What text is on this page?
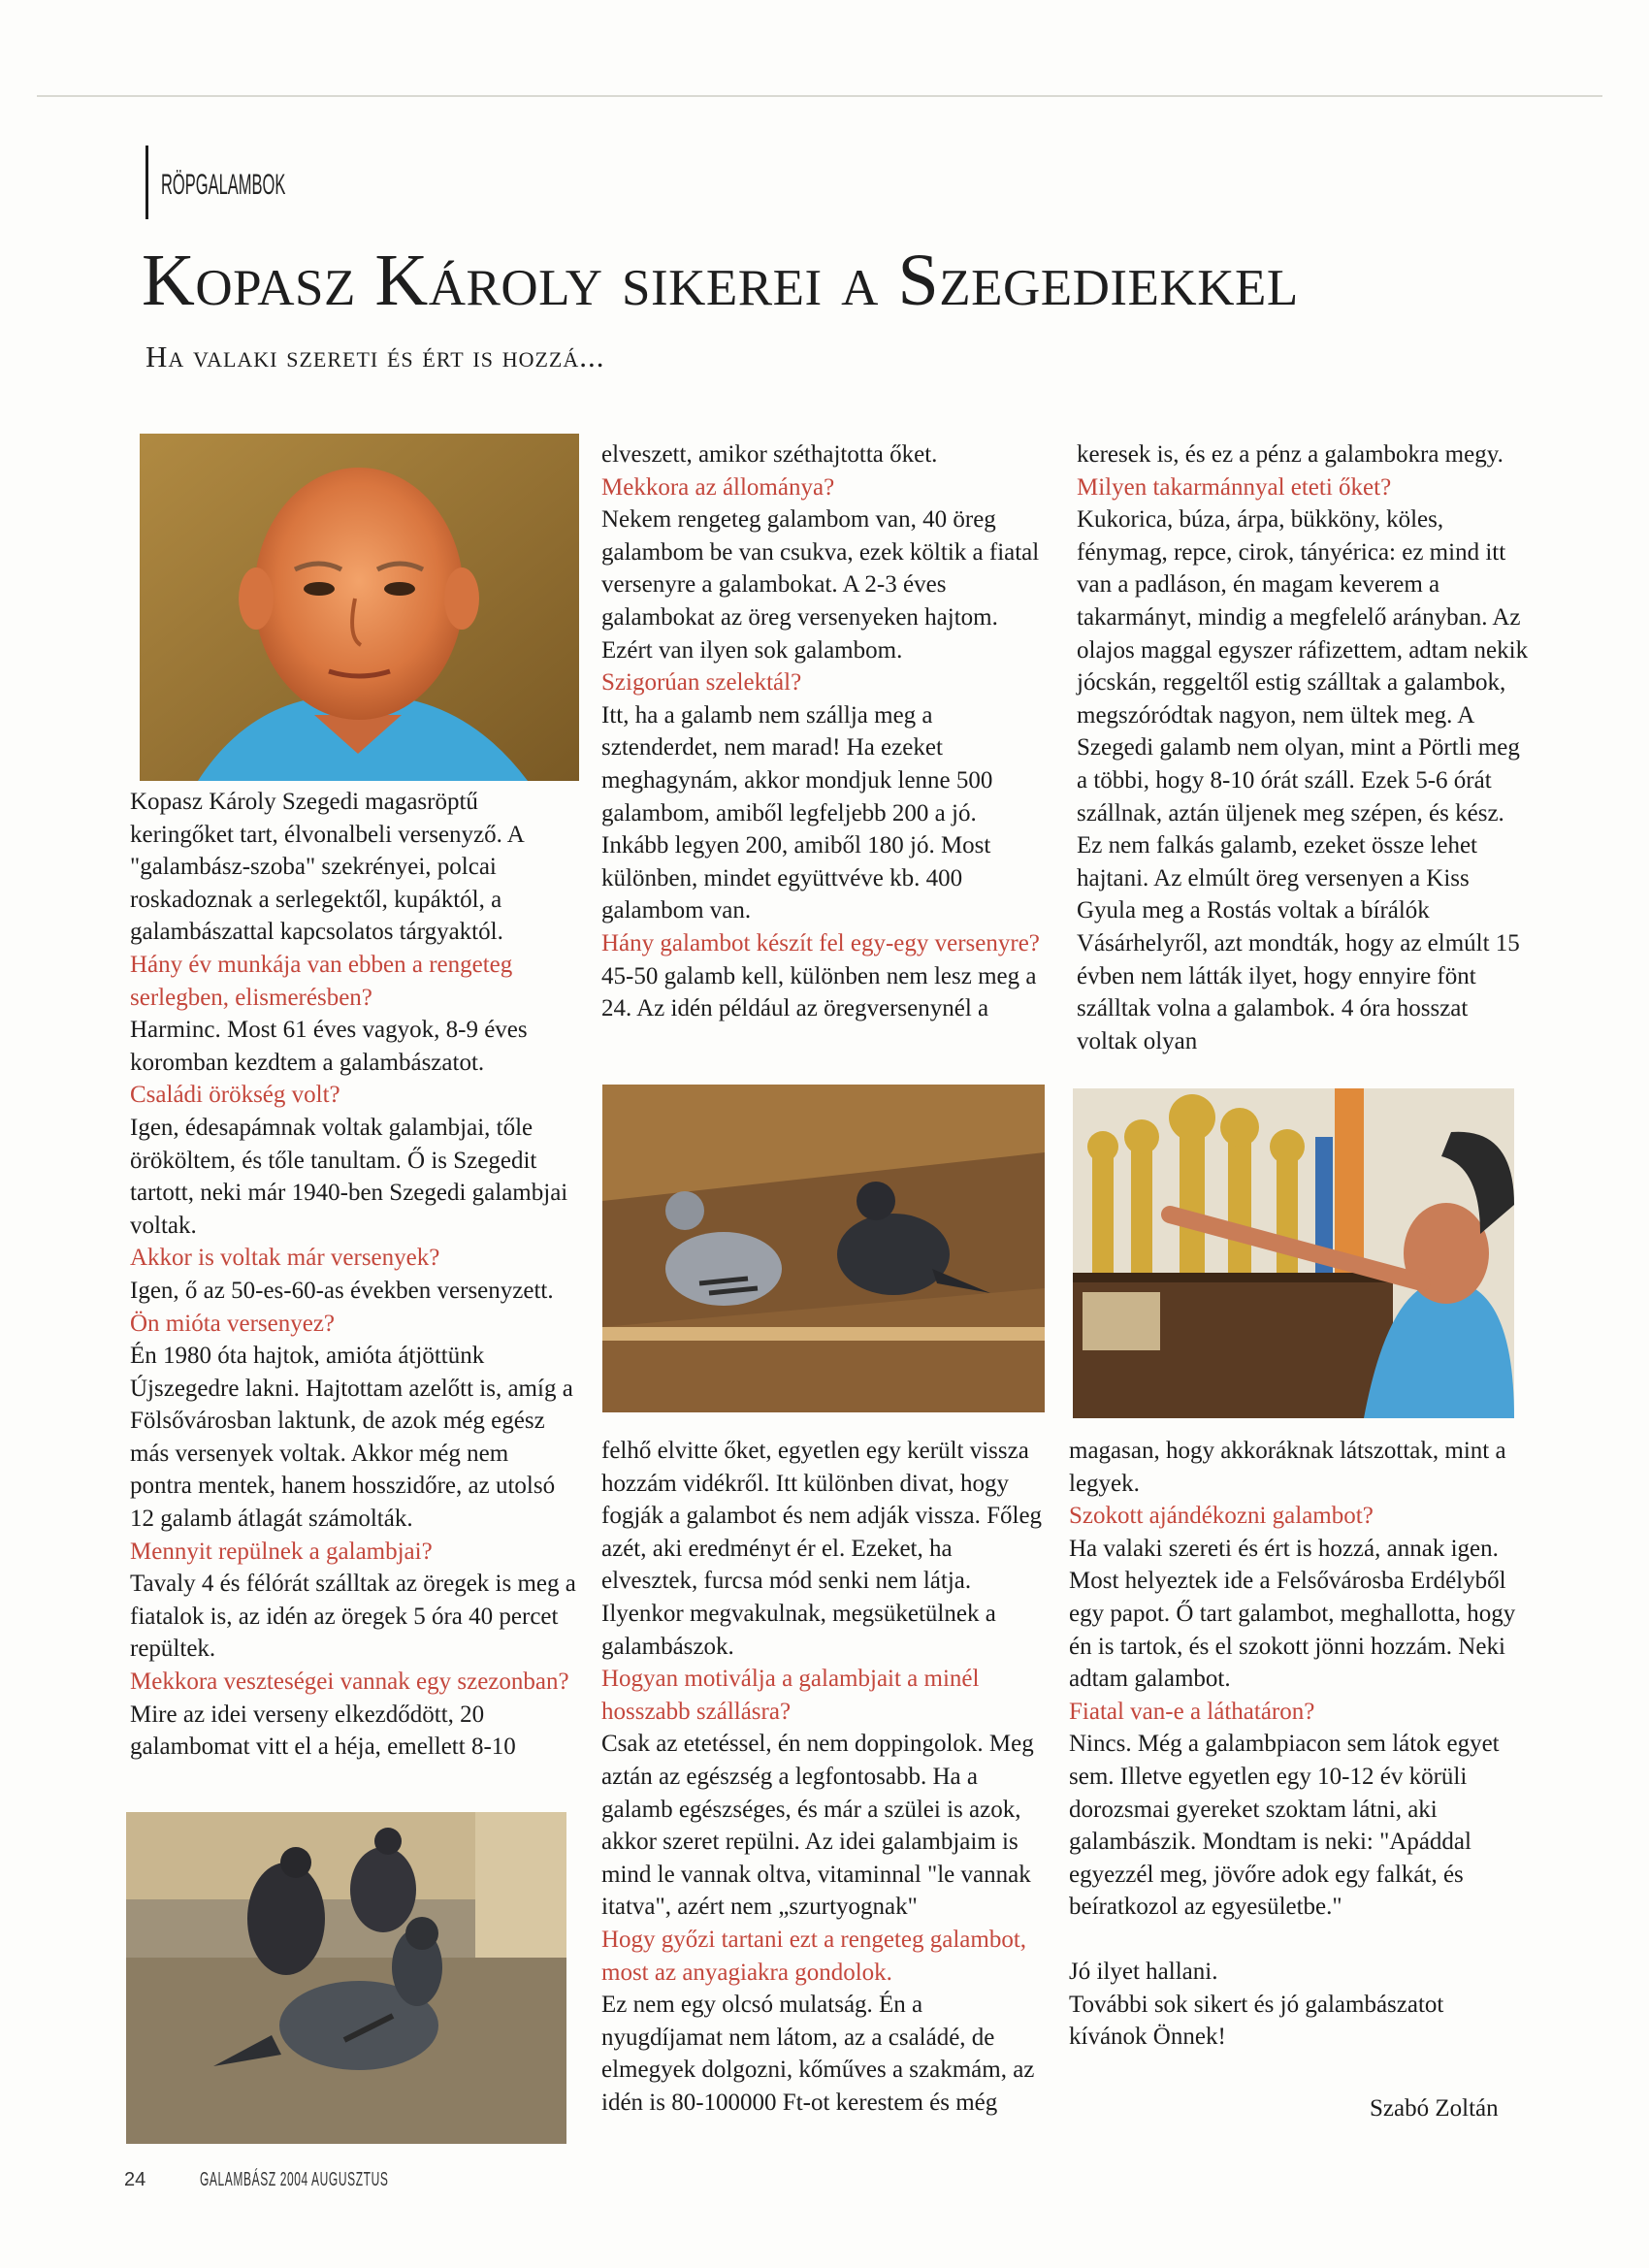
RÖPGALAMBOK
Kopasz Károly sikerei a Szegediekkel
Ha valaki szereti és ért is hozzá...

Kopasz Károly Szegedi magasröptű keringőket tart, élvonalbeli versenyző. A "galambász-szoba" szekrényei, polcai roskadoznak a serlegektől, kupáktól, a galambászattal kapcsolatos tárgyaktól.

Hány év munkája van ebben a rengeteg serlegben, elismerésben?

Harminc. Most 61 éves vagyok, 8-9 éves koromban kezdtem a galambászatot.

Családi örökség volt?

Igen, édesapámnak voltak galambjai, tőle örököltem, és tőle tanultam. Ő is Szegedit tartott, neki már 1940-ben Szegedi galambjai voltak.

Akkor is voltak már versenyek?

Igen, ő az 50-es-60-as években versenyzett.

Ön mióta versenyez?

Én 1980 óta hajtok, amióta átjöttünk Újszegedre lakni. Hajtottam azelőtt is, amíg a Fölsővárosban laktunk, de azok még egész más versenyek voltak. Akkor még nem pontra mentek, hanem hosszidőre, az utolsó 12 galamb átlagát számolták.

Mennyit repülnek a galambjai?

Tavaly 4 és félórát szálltak az öregek is meg a fiatalok is, az idén az öregek 5 óra 40 percet repültek.

Mekkora veszteségei vannak egy szezonban?

Mire az idei verseny elkezdődött, 20 galambomat vitt el a héja, emellett 8-10

elveszett, amikor széthajtotta őket.

Mekkora az állománya?

Nekem rengeteg galambom van, 40 öreg galambom be van csukva, ezek költik a fiatal versenyre a galambokat. A 2-3 éves galambokat az öreg versenyeken hajtom. Ezért van ilyen sok galambom.

Szigorúan szelektál?

Itt, ha a galamb nem szállja meg a sztenderdet, nem marad! Ha ezeket meghagynám, akkor mondjuk lenne 500 galambom, amiből legfeljebb 200 a jó. Inkább legyen 200, amiből 180 jó. Most különben, mindet együttvéve kb. 400 galambom van.

Hány galambot készít fel egy-egy versenyre?

45-50 galamb kell, különben nem lesz meg a 24. Az idén például az öregversenynél a

keresek is, és ez a pénz a galambokra megy.

Milyen takarmánnyal eteti őket?

Kukorica, búza, árpa, bükköny, köles, fénymag, repce, cirok, tányérica: ez mind itt van a padláson, én magam keverem a takarmányt, mindig a megfelelő arányban. Az olajos maggal egyszer ráfizettem, adtam nekik jócskán, reggeltől estig szálltak a galambok, megszóródtak nagyon, nem ültek meg. A Szegedi galamb nem olyan, mint a Pörtli meg a többi, hogy 8-10 órát száll. Ezek 5-6 órát szállnak, aztán üljenek meg szépen, és kész. Ez nem falkás galamb, ezeket össze lehet hajtani. Az elmúlt öreg versenyen a Kiss Gyula meg a Rostás voltak a bírálók Vásárhelyről, azt mondták, hogy az elmúlt 15 évben nem látták ilyet, hogy ennyire fönt szálltak volna a galambok. 4 óra hosszat voltak olyan

felhő elvitte őket, egyetlen egy került vissza hozzám vidékről. Itt különben divat, hogy fogják a galambot és nem adják vissza. Főleg azét, aki eredményt ér el. Ezeket, ha elvesztek, furcsa mód senki nem látja. Ilyenkor megvakulnak, megsüketülnek a galambászok.

Hogyan motiválja a galambjait a minél hosszabb szállásra?

Csak az etetéssel, én nem doppingolok. Meg aztán az egészség a legfontosabb. Ha a galamb egészséges, és már a szülei is azok, akkor szeret repülni. Az idei galambjaim is mind le vannak oltva, vitaminnal "le vannak itatva", azért nem „szurtyognak"

Hogy győzi tartani ezt a rengeteg galambot, most az anyagiakra gondolok.

Ez nem egy olcsó mulatság. Én a nyugdíjamat nem látom, az a családé, de elmegyek dolgozni, kőműves a szakmám, az idén is 80-100000 Ft-ot kerestem és még

magasan, hogy akkoráknak látszottak, mint a legyek.

Szokott ajándékozni galambot?

Ha valaki szereti és ért is hozzá, annak igen. Most helyeztek ide a Felsővárosba Erdélyből egy papot. Ő tart galambot, meghallotta, hogy én is tartok, és el szokott jönni hozzám. Neki adtam galambot.

Fiatal van-e a láthatáron?

Nincs. Még a galambpiacon sem látok egyet sem. Illetve egyetlen egy 10-12 év körüli dorozsmai gyereket szoktam látni, aki galambászik. Mondtam is neki: "Apáddal egyezzél meg, jövőre adok egy falkát, és beíratkozol az egyesületbe."

Jó ilyet hallani.

További sok sikert és jó galambászatot kívánok Önnek!

Szabó Zoltán
24	GALAMBÁSZ 2004 AUGUSZTUS
